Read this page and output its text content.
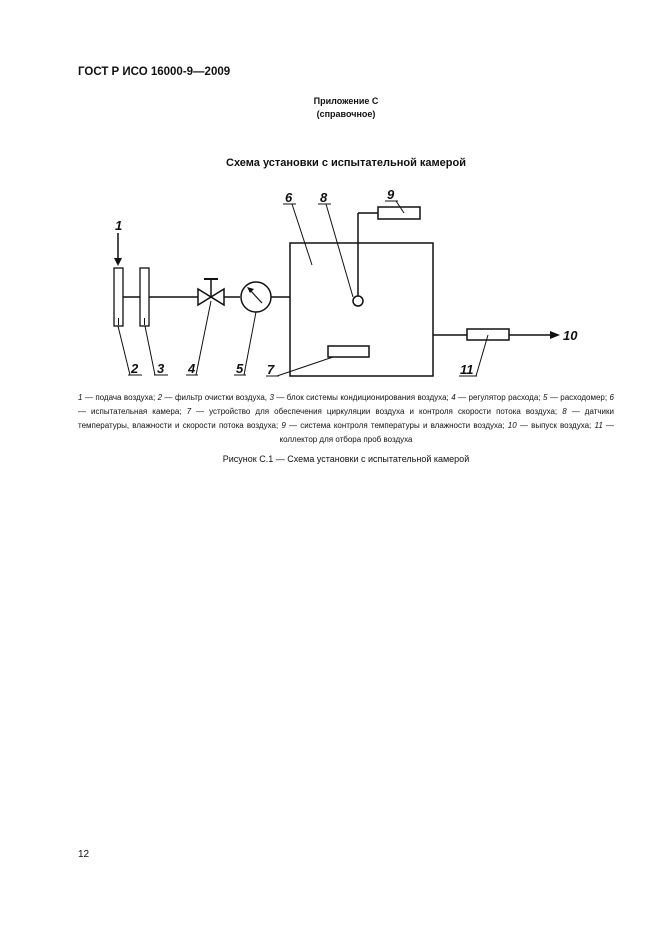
ГОСТ Р ИСО 16000-9—2009
Приложение С
(справочное)
Схема установки с испытательной камерой
1
2 3 4	5
6 8	9
7	11
10
1 — подача воздуха; 2 — фильтр очистки воздуха, 3 — блок системы кондиционирования воздуха; 4 — регулятор расхода; 5 — расходомер; 6 — испытательная камера; 7 — устройство для обеспечения циркуляции воздуха и контроля скорости потока воздуха; 8 — датчики температуры, влажности и скорости потока воздуха; 9 — система контроля температуры и влажности воздуха; 10 — выпуск воздуха; 11 — коллектор для отбора проб воздуха
Рисунок С.1 — Схема установки с испытательной камерой
12
